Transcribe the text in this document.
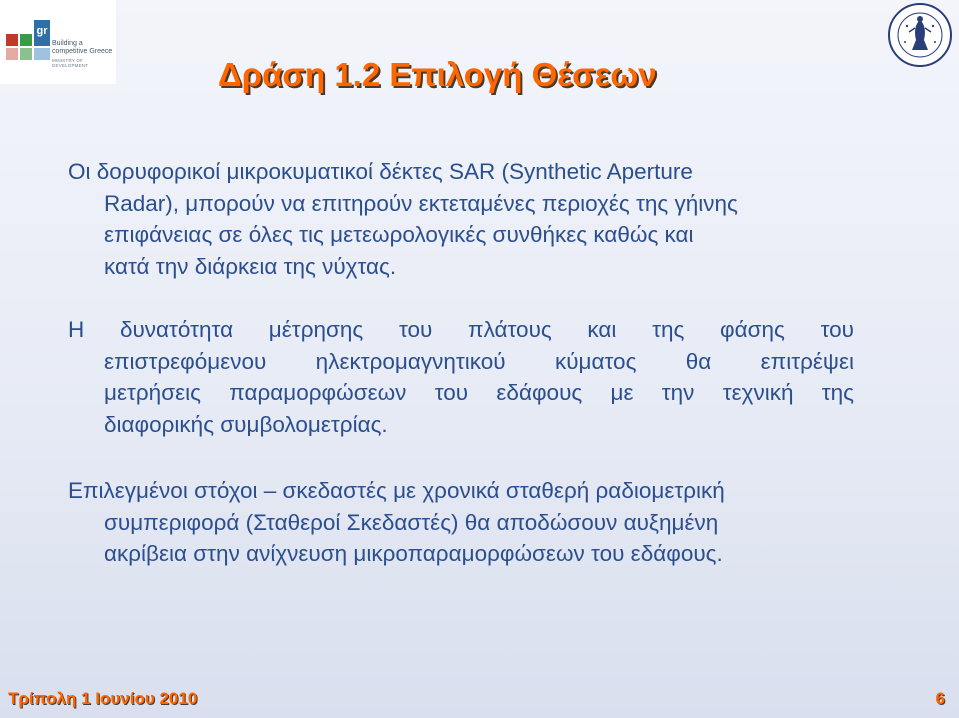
gr
Building a competitive Greece
MINISTRY OF DEVELOPMENT	Δράση 1.2 Επιλογή Θέσεων
Οι δορυφορικοί μικροκυματικοί δέκτες SAR (Synthetic Aperture
Radar), μπορούν να επιτηρούν εκτεταμένες περιοχές της γήινης
επιφάνειας σε όλες τις μετεωρολογικές συνθήκες καθώς και
κατά την διάρκεια της νύχτας.
Η δυνατότητα μέτρησης του πλάτους και της φάσης του
επιστρεφόμενου ηλεκτρομαγνητικού κύματος θα επιτρέψει
μετρήσεις παραμορφώσεων του εδάφους με την τεχνική της
διαφορικής συμβολομετρίας.
Επιλεγμένοι στόχοι – σκεδαστές με χρονικά σταθερή ραδιομετρική
συμπεριφορά (Σταθεροί Σκεδαστές) θα αποδώσουν αυξημένη
ακρίβεια στην ανίχνευση μικροπαραμορφώσεων του εδάφους.
Τρίπολη 1 Ιουνίου 2010	6
